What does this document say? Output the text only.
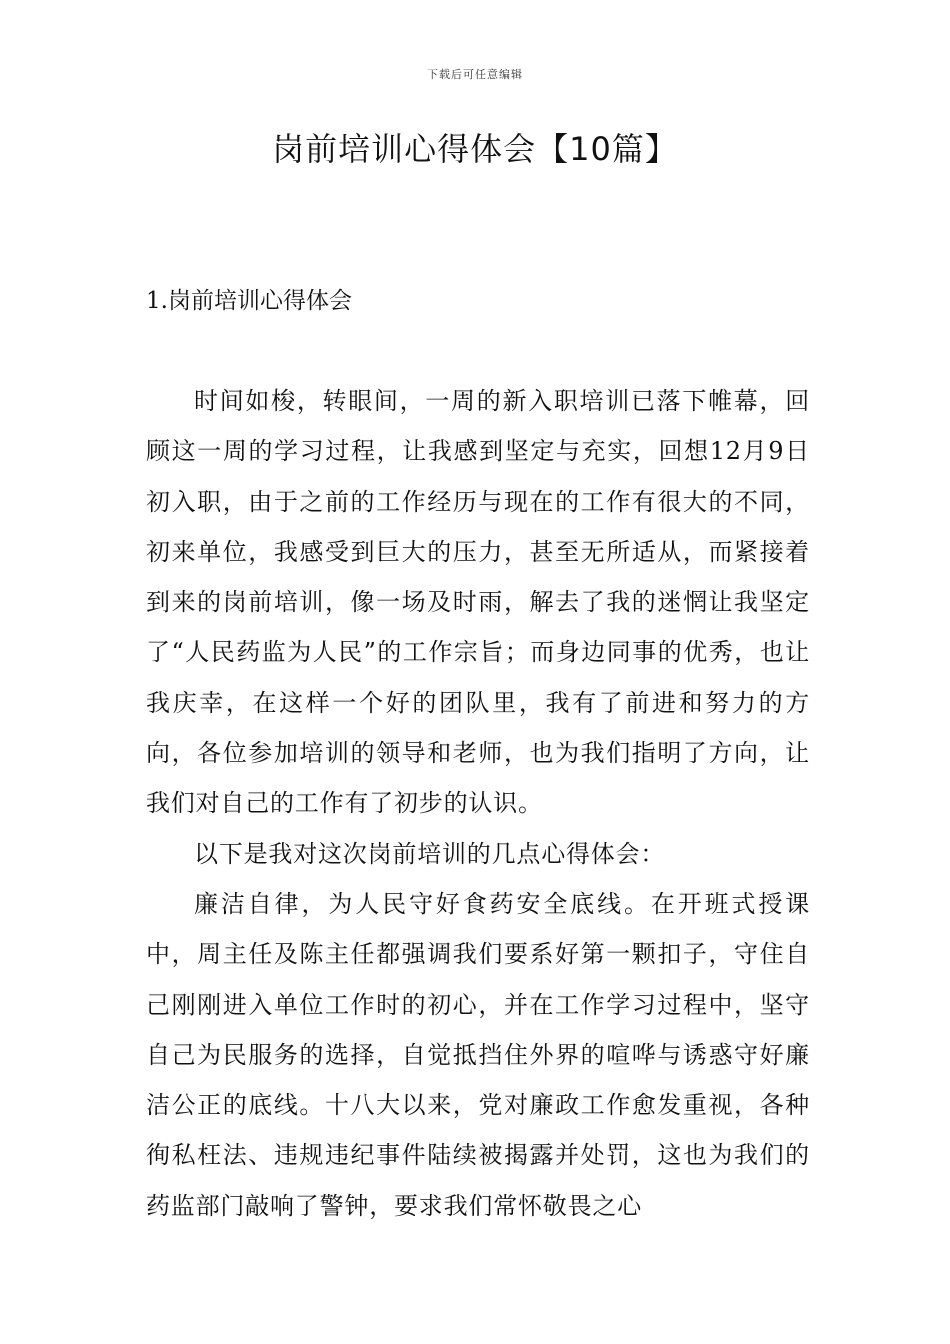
下载后可任意编辑
岗前培训心得体会【10篇】
1.岗前培训心得体会

时间如梭，转眼间，一周的新入职培训已落下帷幕，回顾这一周的学习过程，让我感到坚定与充实，回想12月9日初入职，由于之前的工作经历与现在的工作有很大的不同，初来单位，我感受到巨大的压力，甚至无所适从，而紧接着到来的岗前培训，像一场及时雨，解去了我的迷惘让我坚定了“人民药监为人民”的工作宗旨；而身边同事的优秀，也让我庆幸，在这样一个好的团队里，我有了前进和努力的方向，各位参加培训的领导和老师，也为我们指明了方向，让我们对自己的工作有了初步的认识。

以下是我对这次岗前培训的几点心得体会：

廉洁自律，为人民守好食药安全底线。在开班式授课中，周主任及陈主任都强调我们要系好第一颗扣子，守住自己刚刚进入单位工作时的初心，并在工作学习过程中，坚守自己为民服务的选择，自觉抵挡住外界的喧哗与诱惑守好廉洁公正的底线。十八大以来，党对廉政工作愈发重视，各种徇私枉法、违规违纪事件陆续被揭露并处罚，这也为我们的药监部门敲响了警钟，要求我们常怀敬畏之心
